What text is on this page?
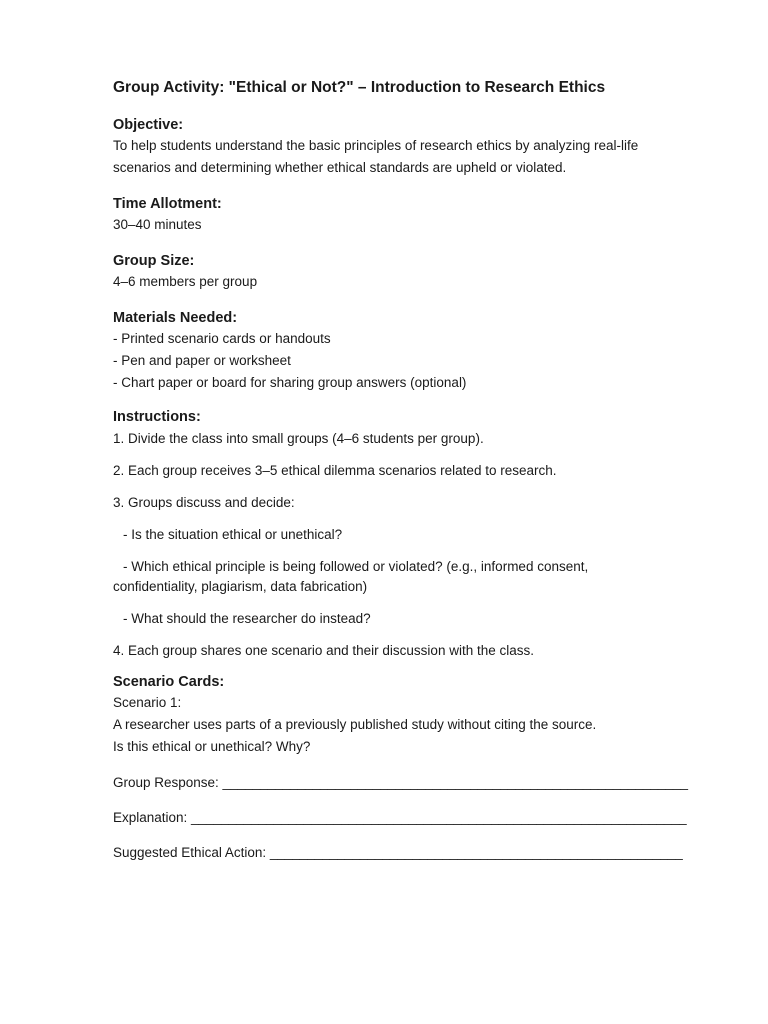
Group Activity: "Ethical or Not?" – Introduction to Research Ethics

Objective:

To help students understand the basic principles of research ethics by analyzing real-life scenarios and determining whether ethical standards are upheld or violated.

Time Allotment:

30–40 minutes

Group Size:

4–6 members per group

Materials Needed:

- Printed scenario cards or handouts

- Pen and paper or worksheet

- Chart paper or board for sharing group answers (optional)

Instructions:

1. Divide the class into small groups (4–6 students per group).

2. Each group receives 3–5 ethical dilemma scenarios related to research.

3. Groups discuss and decide:

- Is the situation ethical or unethical?

- Which ethical principle is being followed or violated? (e.g., informed consent, confidentiality, plagiarism, data fabrication)

- What should the researcher do instead?

4. Each group shares one scenario and their discussion with the class.

Scenario Cards:

Scenario 1:

A researcher uses parts of a previously published study without citing the source.

Is this ethical or unethical? Why?

Group Response: ______________________________________________________________

Explanation: __________________________________________________________________

Suggested Ethical Action: _______________________________________________________
